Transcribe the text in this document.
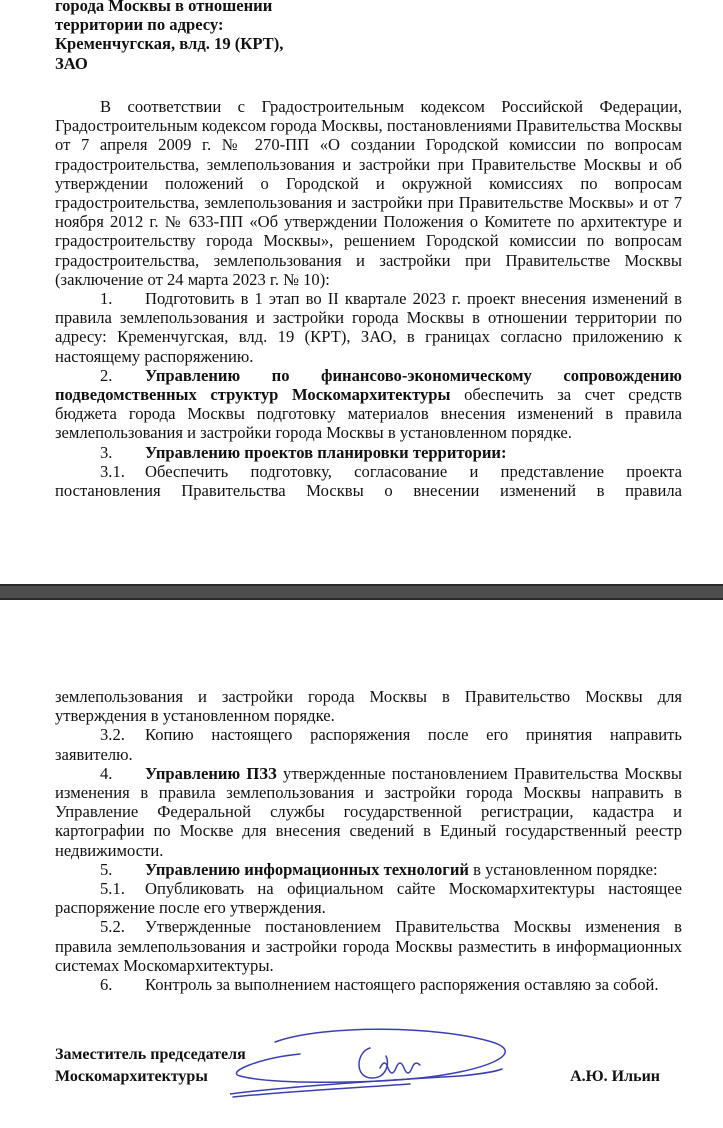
города Москвы в отношении

территории по адресу:

Кременчугская, влд. 19 (КРТ),

ЗАО

В соответствии с Градостроительным кодексом Российской Федерации, Градостроительным кодексом города Москвы, постановлениями Правительства Москвы от 7 апреля 2009 г. № 270-ПП «О создании Городской комиссии по вопросам градостроительства, землепользования и застройки при Правительстве Москвы и об утверждении положений о Городской и окружной комиссиях по вопросам градостроительства, землепользования и застройки при Правительстве Москвы» и от 7 ноября 2012 г. № 633-ПП «Об утверждении Положения о Комитете по архитектуре и градостроительству города Москвы», решением Городской комиссии по вопросам градостроительства, землепользования и застройки при Правительстве Москвы (заключение от 24 марта 2023 г. № 10):

1. Подготовить в 1 этап во II квартале 2023 г. проект внесения изменений в правила землепользования и застройки города Москвы в отношении территории по адресу: Кременчугская, влд. 19 (КРТ), ЗАО, в границах согласно приложению к настоящему распоряжению.

2. Управлению по финансово-экономическому сопровождению подведомственных структур Москомархитектуры обеспечить за счет средств бюджета города Москвы подготовку материалов внесения изменений в правила землепользования и застройки города Москвы в установленном порядке.

3. Управлению проектов планировки территории:

3.1. Обеспечить подготовку, согласование и представление проекта постановления Правительства Москвы о внесении изменений в правила

землепользования и застройки города Москвы в Правительство Москвы для утверждения в установленном порядке.

3.2. Копию настоящего распоряжения после его принятия направить заявителю.

4. Управлению ПЗЗ утвержденные постановлением Правительства Москвы изменения в правила землепользования и застройки города Москвы направить в Управление Федеральной службы государственной регистрации, кадастра и картографии по Москве для внесения сведений в Единый государственный реестр недвижимости.

5. Управлению информационных технологий в установленном порядке:

5.1. Опубликовать на официальном сайте Москомархитектуры настоящее распоряжение после его утверждения.

5.2. Утвержденные постановлением Правительства Москвы изменения в правила землепользования и застройки города Москвы разместить в информационных системах Москомархитектуры.

6. Контроль за выполнением настоящего распоряжения оставляю за собой.

Заместитель председателя
Москомархитектуры	А.Ю. Ильин
